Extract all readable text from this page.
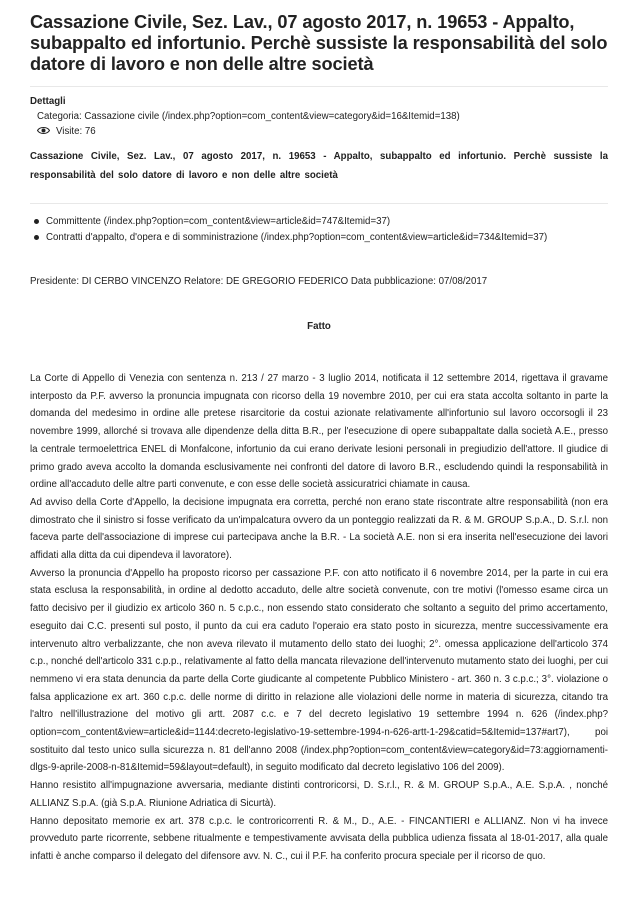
Cassazione Civile, Sez. Lav., 07 agosto 2017, n. 19653 - Appalto, subappalto ed infortunio. Perchè sussiste la responsabilità del solo datore di lavoro e non delle altre società
Dettagli
Categoria: Cassazione civile (/index.php?option=com_content&view=category&id=16&Itemid=138)
Visite: 76
Cassazione Civile, Sez. Lav., 07 agosto 2017, n. 19653 - Appalto, subappalto ed infortunio. Perchè sussiste la responsabilità del solo datore di lavoro e non delle altre società
Committente (/index.php?option=com_content&view=article&id=747&Itemid=37)
Contratti d'appalto, d'opera e di somministrazione (/index.php?option=com_content&view=article&id=734&Itemid=37)
Presidente: DI CERBO VINCENZO Relatore: DE GREGORIO FEDERICO Data pubblicazione: 07/08/2017
Fatto

La Corte di Appello di Venezia con sentenza n. 213 / 27 marzo - 3 luglio 2014, notificata il 12 settembre 2014, rigettava il gravame interposto da P.F. avverso la pronuncia impugnata con ricorso della 19 novembre 2010, per cui era stata accolta soltanto in parte la domanda del medesimo in ordine alle pretese risarcitorie da costui azionate relativamente all'infortunio sul lavoro occorsogli il 23 novembre 1999, allorché si trovava alle dipendenze della ditta B.R., per l'esecuzione di opere subappaltate dalla società A.E., presso la centrale termoelettrica ENEL di Monfalcone, infortunio da cui erano derivate lesioni personali in pregiudizio dell'attore. Il giudice di primo grado aveva accolto la domanda esclusivamente nei confronti del datore di lavoro B.R., escludendo quindi la responsabilità in ordine all'accaduto delle altre parti convenute, e con esse delle società assicuratrici chiamate in causa.

Ad avviso della Corte d'Appello, la decisione impugnata era corretta, perché non erano state riscontrate altre responsabilità (non era dimostrato che il sinistro si fosse verificato da un'impalcatura ovvero da un ponteggio realizzati da R. & M. GROUP S.p.A., D. S.r.l. non faceva parte dell'associazione di imprese cui partecipava anche la B.R. - La società A.E. non si era inserita nell'esecuzione dei lavori affidati alla ditta da cui dipendeva il lavoratore).

Avverso la pronuncia d'Appello ha proposto ricorso per cassazione P.F. con atto notificato il 6 novembre 2014, per la parte in cui era stata esclusa la responsabilità, in ordine al dedotto accaduto, delle altre società convenute, con tre motivi (l'omesso esame circa un fatto decisivo per il giudizio ex articolo 360 n. 5 c.p.c., non essendo stato considerato che soltanto a seguito del primo accertamento, eseguito dai C.C. presenti sul posto, il punto da cui era caduto l'operaio era stato posto in sicurezza, mentre successivamente era intervenuto altro verbalizzante, che non aveva rilevato il mutamento dello stato dei luoghi; 2°. omessa applicazione dell'articolo 374 c.p., nonché dell'articolo 331 c.p.p., relativamente al fatto della mancata rilevazione dell'intervenuto mutamento stato dei luoghi, per cui nemmeno vi era stata denuncia da parte della Corte giudicante al competente Pubblico Ministero - art. 360 n. 3 c.p.c.; 3°. violazione o falsa applicazione ex art. 360 c.p.c. delle norme di diritto in relazione alle violazioni delle norme in materia di sicurezza, citando tra l'altro nell'illustrazione del motivo gli artt. 2087 c.c. e 7 del decreto legislativo 19 settembre 1994 n. 626 (/index.php?option=com_content&view=article&id=1144:decreto-legislativo-19-settembre-1994-n-626-artt-1-29&catid=5&Itemid=137#art7), poi sostituito dal testo unico sulla sicurezza n. 81 dell'anno 2008 (/index.php?option=com_content&view=category&id=73:aggiornamenti-dlgs-9-aprile-2008-n-81&Itemid=59&layout=default), in seguito modificato dal decreto legislativo 106 del 2009).

Hanno resistito all'impugnazione avversaria, mediante distinti controricorsi, D. S.r.l., R. & M. GROUP S.p.A., A.E. S.p.A. , nonché ALLIANZ S.p.A. (già S.p.A. Riunione Adriatica di Sicurtà).

Hanno depositato memorie ex art. 378 c.p.c. le controricorrenti R. & M., D., A.E. - FINCANTIERI e ALLIANZ. Non vi ha invece provveduto parte ricorrente, sebbene ritualmente e tempestivamente avvisata della pubblica udienza fissata al 18-01-2017, alla quale infatti è anche comparso il delegato del difensore avv. N. C., cui il P.F. ha conferito procura speciale per il ricorso de quo.
